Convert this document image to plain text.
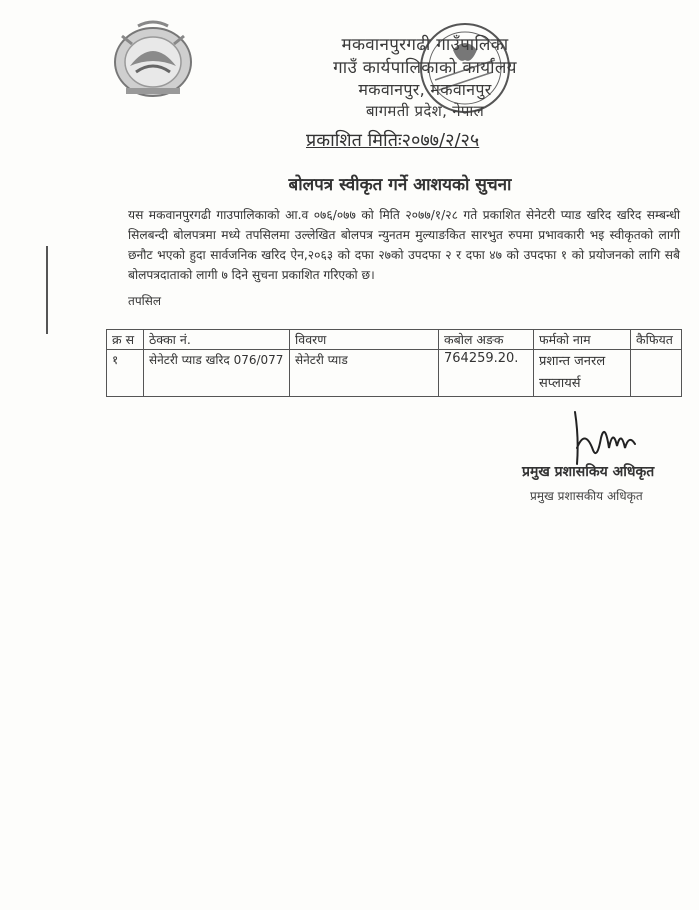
मकवानपुरगढी गाउँपालिका
गाउँ कार्यपालिकाको कार्यालय
मकवानपुर, मकवानपुर
बागमती प्रदेश, नेपाल
प्रकाशित मितिः२०७७/२/२५
बोलपत्र स्वीकृत गर्ने आशयको सुचना
यस मकवानपुरगढी गाउपालिकाको आ.व ०७६/०७७ को मिति २०७७/१/२८ गते प्रकाशित सेनेटरी प्याड खरिद खरिद सम्बन्धी सिलबन्दी बोलपत्रमा मध्ये तपसिलमा उल्लेखित बोलपत्र न्युनतम मुल्याङकित सारभुत रुपमा प्रभावकारी भइ स्वीकृतको लागी छनौट भएको हुदा सार्वजनिक खरिद ऐन,२०६३ को दफा २७को उपदफा २ र दफा ४७ को उपदफा १ को प्रयोजनको लागि सबै बोलपत्रदाताको लागी ७ दिने सुचना प्रकाशित गरिएको छ।
तपसिल
क्र स	ठेक्का नं.	विवरण	कबोल अङक	फर्मको नाम	कैफियत
१	सेनेटरी प्याड खरिद 076/077	सेनेटरी प्याड	764259.20.	प्रशान्त जनरल सप्लायर्स	
प्रमुख प्रशासकिय अधिकृत
प्रमुख प्रशासकीय अधिकृत
